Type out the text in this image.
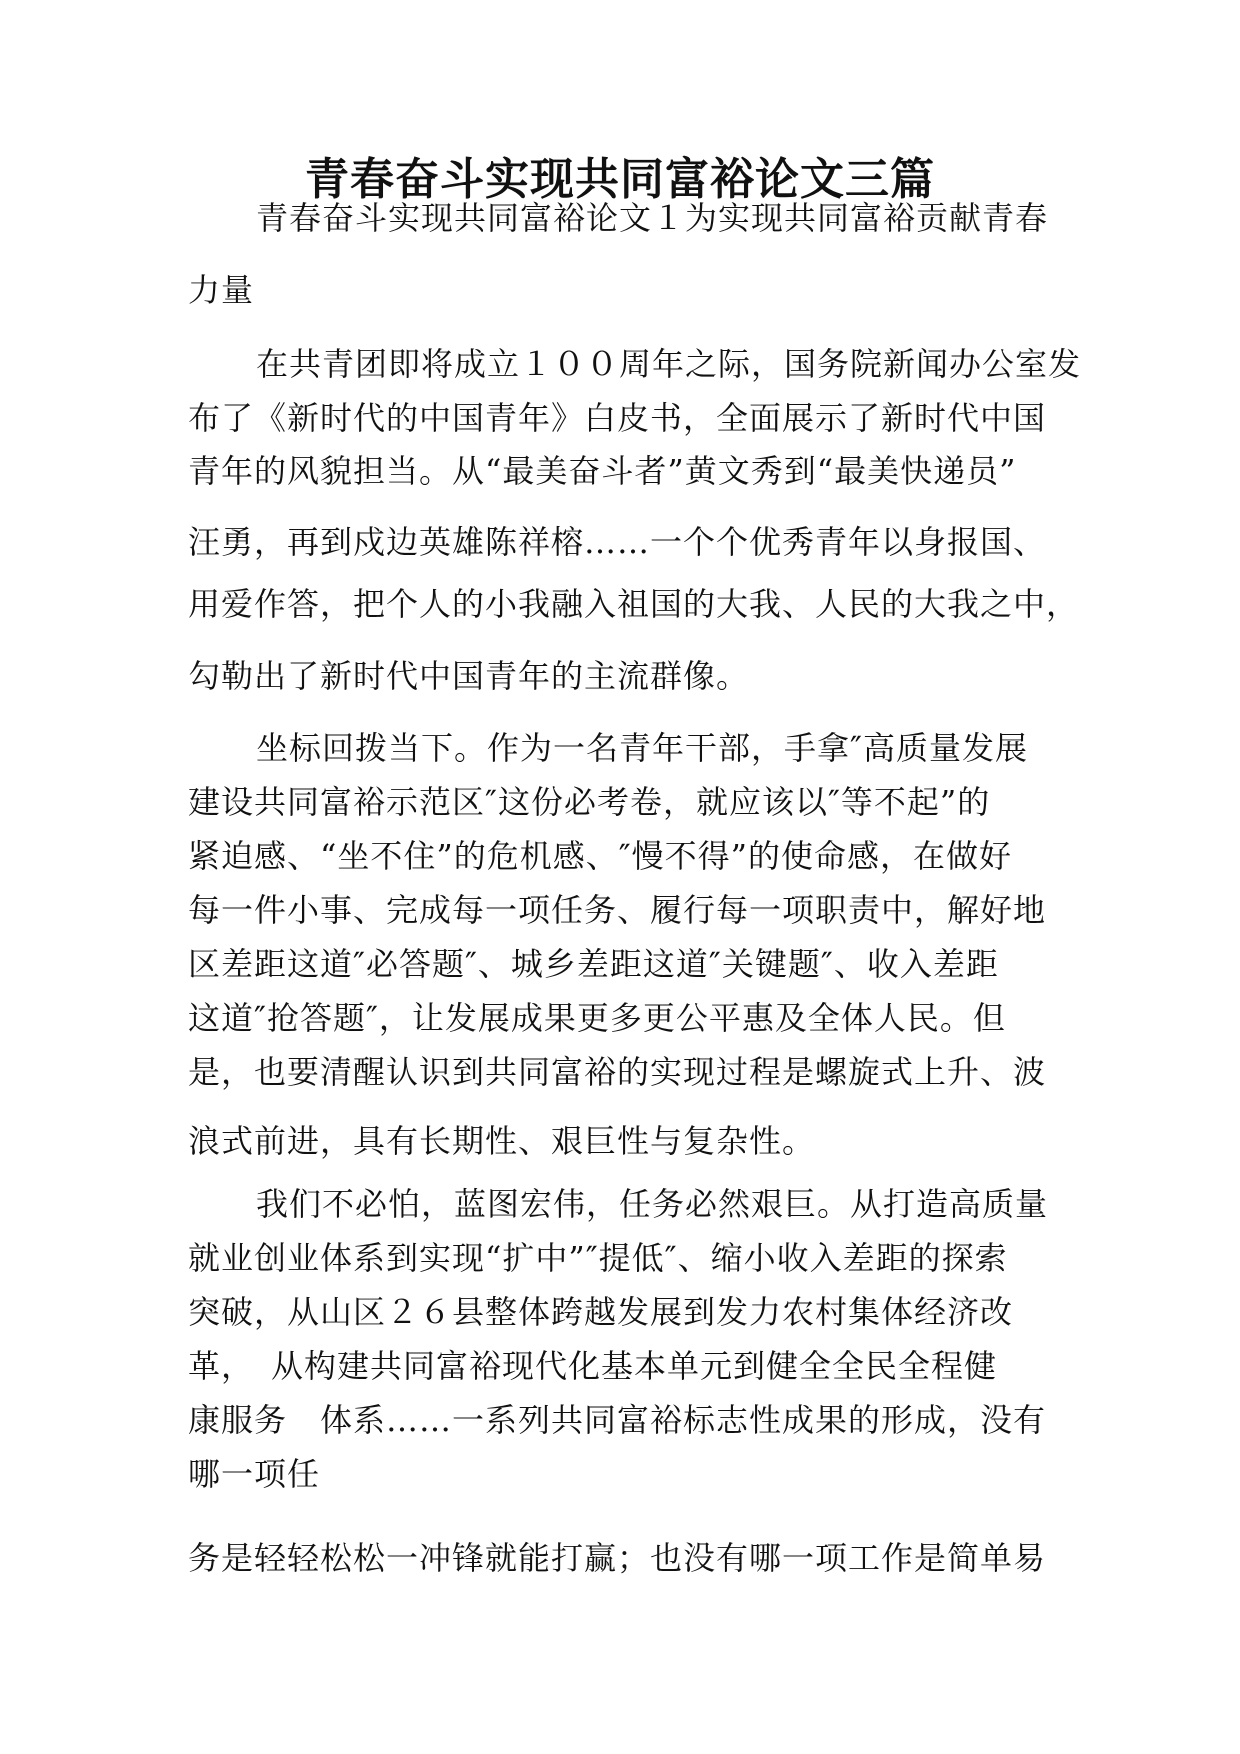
青春奋斗实现共同富裕论文三篇
青春奋斗实现共同富裕论文１为实现共同富裕贡献青春
力量
在共青团即将成立１００周年之际，国务院新闻办公室发
布了《新时代的中国青年》白皮书，全面展示了新时代中国
青年的风貌担当。从“最美奋斗者”黄文秀到“最美快递员”
汪勇，再到戍边英雄陈祥榕……一个个优秀青年以身报国、
用爱作答，把个人的小我融入祖国的大我、人民的大我之中，
勾勒出了新时代中国青年的主流群像。
坐标回拨当下。作为一名青年干部，手拿″高质量发展
建设共同富裕示范区″这份必考卷，就应该以″等不起”的
紧迫感、“坐不住”的危机感、″慢不得”的使命感，在做好
每一件小事、完成每一项任务、履行每一项职责中，解好地
区差距这道″必答题″、城乡差距这道″关键题″、收入差距
这道″抢答题″，让发展成果更多更公平惠及全体人民。但
是，也要清醒认识到共同富裕的实现过程是螺旋式上升、波
浪式前进，具有长期性、艰巨性与复杂性。
我们不必怕，蓝图宏伟，任务必然艰巨。从打造高质量
就业创业体系到实现“扩中”″提低″、缩小收入差距的探索
突破，从山区２６县整体跨越发展到发力农村集体经济改
革，　从构建共同富裕现代化基本单元到健全全民全程健
康服务　体系……一系列共同富裕标志性成果的形成，没有
哪一项任
务是轻轻松松一冲锋就能打赢；也没有哪一项工作是简单易
